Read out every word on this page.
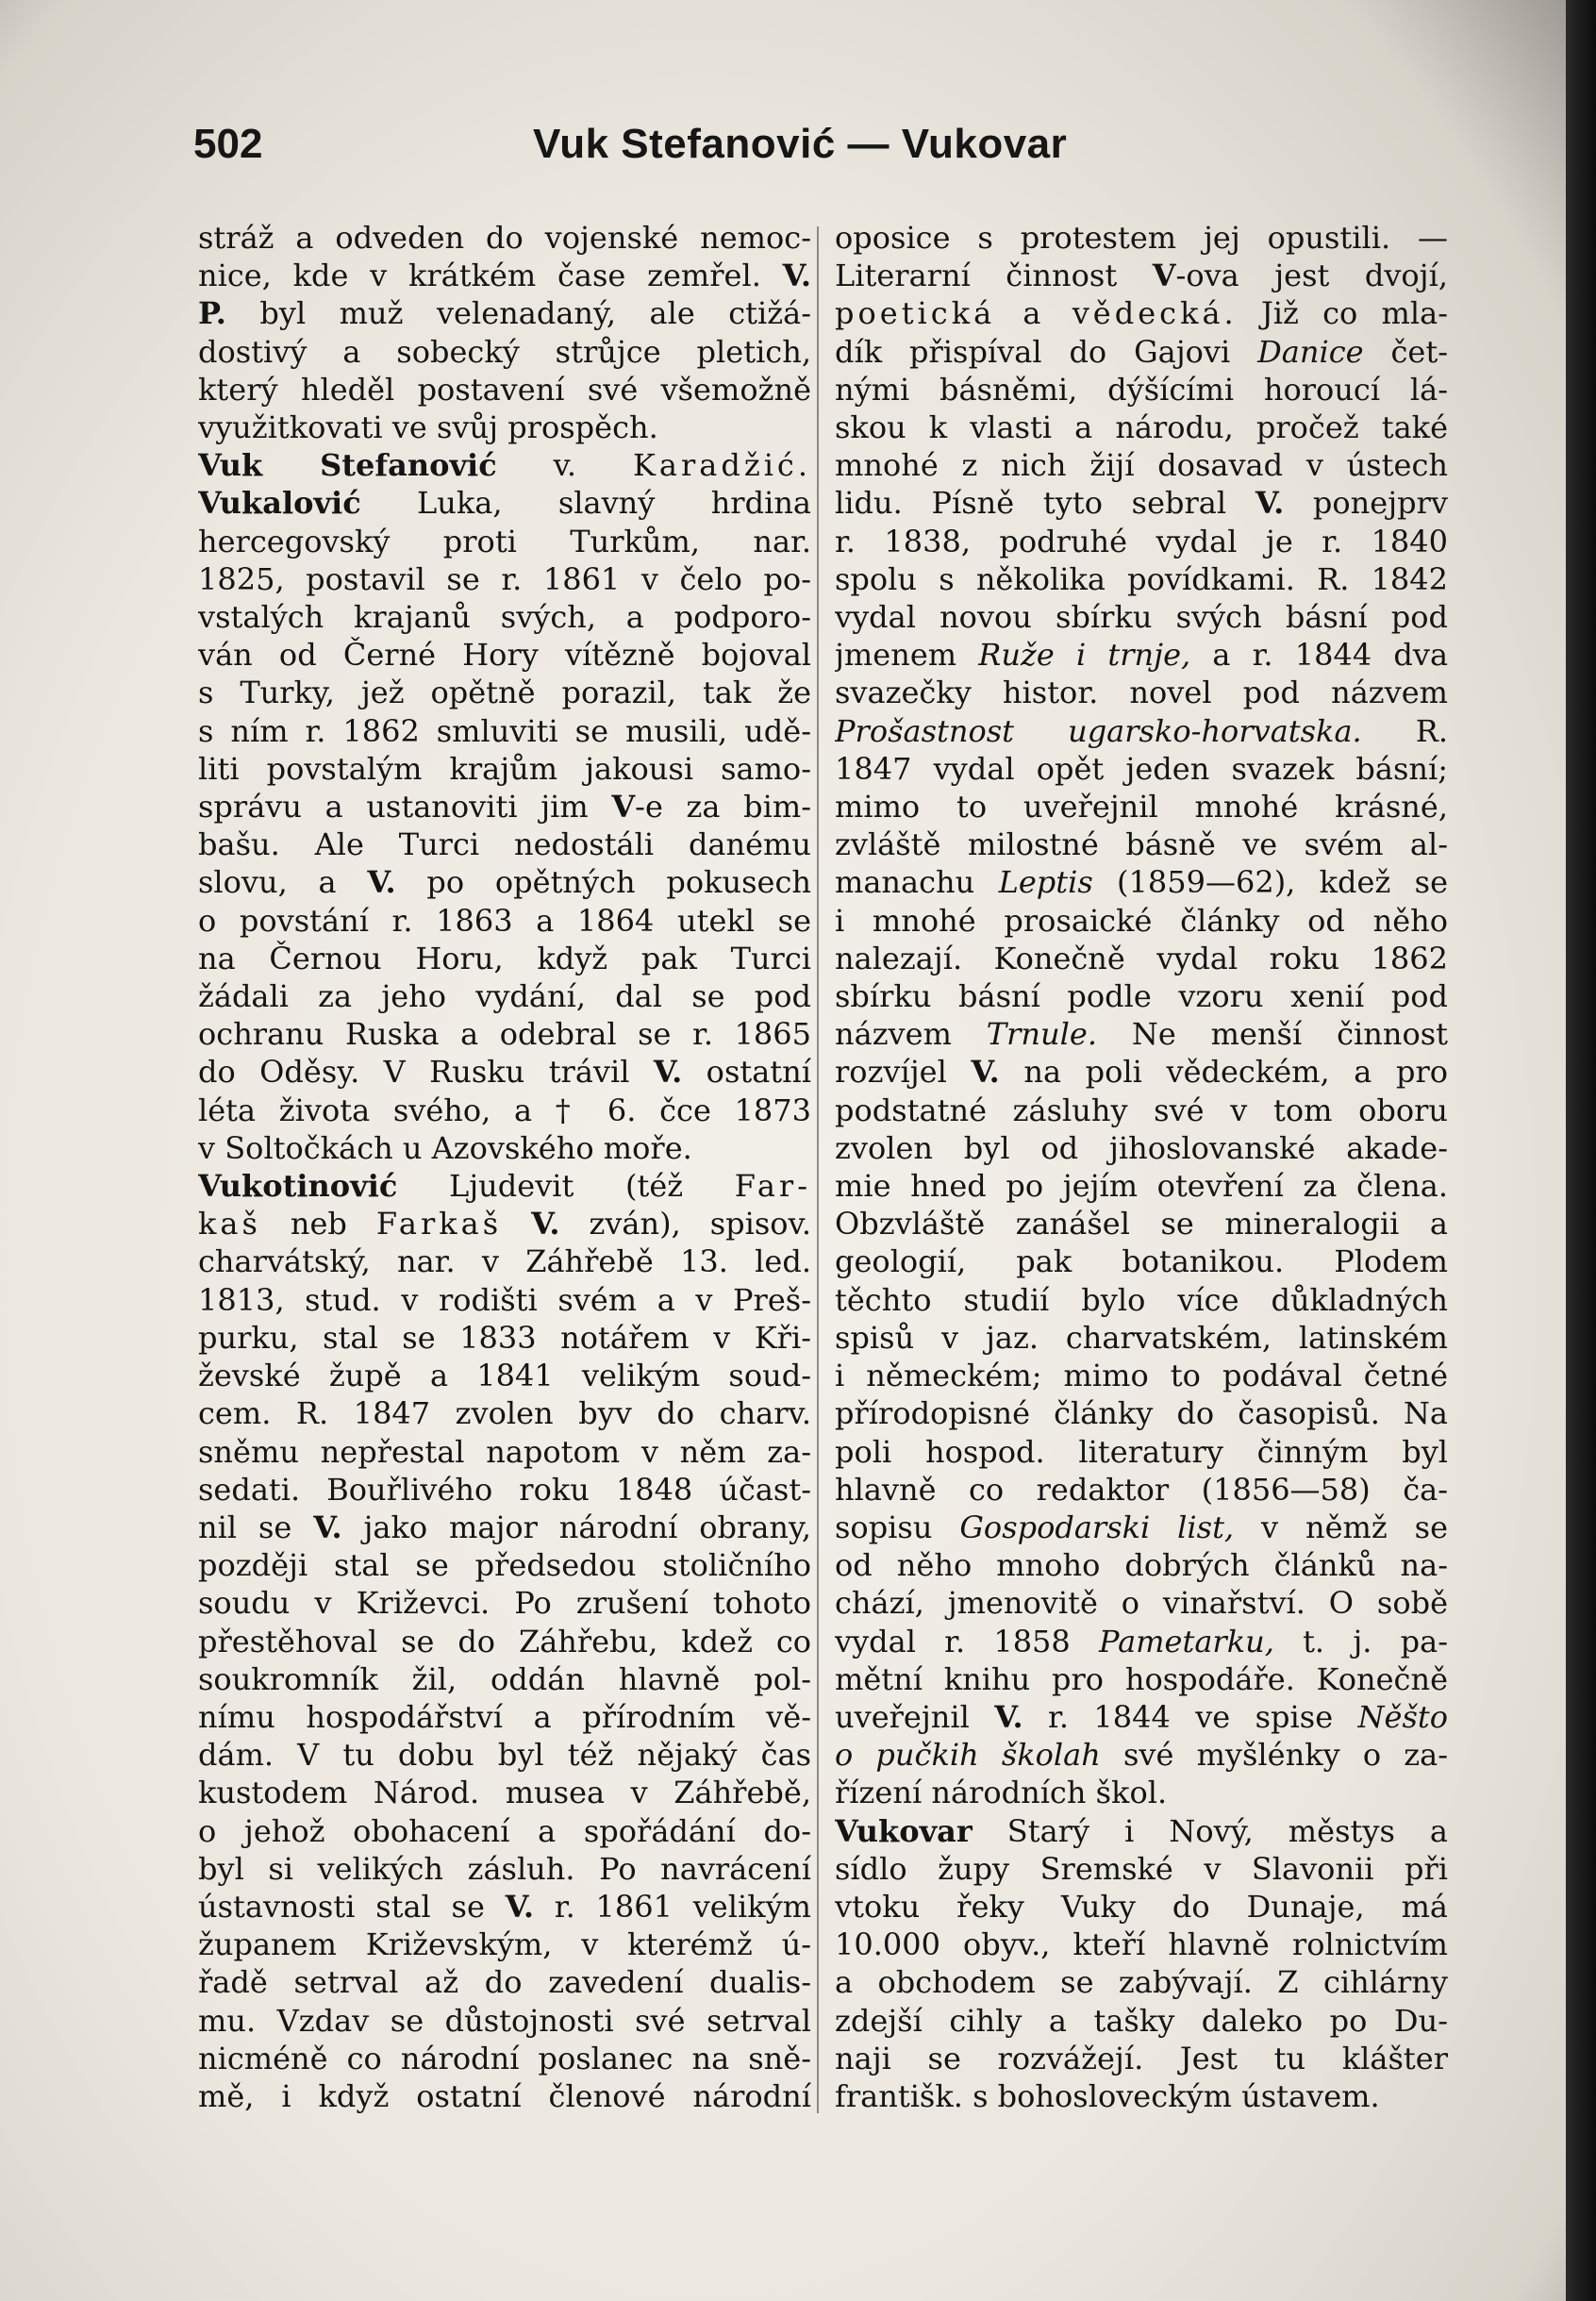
502	Vuk Stefanović — Vukovar
stráž a odveden do vojenské nemoc-
nice, kde v krátkém čase zemřel. V.
P. byl muž velenadaný, ale ctižá-
dostivý a sobecký strůjce pletich,
který hleděl postavení své všemožně
využitkovati ve svůj prospěch.
Vuk Stefanović v. Karadžić.
Vukalović Luka, slavný hrdina
hercegovský proti Turkům, nar.
1825, postavil se r. 1861 v čelo po-
vstalých krajanů svých, a podporo-
ván od Černé Hory vítězně bojoval
s Turky, jež opětně porazil, tak že
s ním r. 1862 smluviti se musili, udě-
liti povstalým krajům jakousi samo-
správu a ustanoviti jim V-e za bim-
bašu. Ale Turci nedostáli danému
slovu, a V. po opětných pokusech
o povstání r. 1863 a 1864 utekl se
na Černou Horu, když pak Turci
žádali za jeho vydání, dal se pod
ochranu Ruska a odebral se r. 1865
do Oděsy. V Rusku trávil V. ostatní
léta života svého, a † 6. čce 1873
v Soltočkách u Azovského moře.
Vukotinović Ljudevit (též Far-
kaš neb Farkaš V. zván), spisov.
charvátský, nar. v Záhřebě 13. led.
1813, stud. v rodišti svém a v Preš-
purku, stal se 1833 notářem v Kři-
ževské župě a 1841 velikým soud-
cem. R. 1847 zvolen byv do charv.
sněmu nepřestal napotom v něm za-
sedati. Bouřlivého roku 1848 účast-
nil se V. jako major národní obrany,
později stal se předsedou stoličního
soudu v Križevci. Po zrušení tohoto
přestěhoval se do Záhřebu, kdež co
soukromník žil, oddán hlavně pol-
nímu hospodářství a přírodním vě-
dám. V tu dobu byl též nějaký čas
kustodem Národ. musea v Záhřebě,
o jehož obohacení a spořádání do-
byl si velikých zásluh. Po navrácení
ústavnosti stal se V. r. 1861 velikým
županem Križevským, v kterémž ú-
řadě setrval až do zavedení dualis-
mu. Vzdav se důstojnosti své setrval
nicméně co národní poslanec na sně-
mě, i když ostatní členové národní
oposice s protestem jej opustili. —
Literarní činnost V-ova jest dvojí,
poetická a vědecká. Již co mla-
dík přispíval do Gajovi Danice čet-
nými básněmi, dýšícími horoucí lá-
skou k vlasti a národu, pročež také
mnohé z nich žijí dosavad v ústech
lidu. Písně tyto sebral V. ponejprv
r. 1838, podruhé vydal je r. 1840
spolu s několika povídkami. R. 1842
vydal novou sbírku svých básní pod
jmenem Ruže i trnje, a r. 1844 dva
svazečky histor. novel pod názvem
Prošastnost ugarsko-horvatska. R.
1847 vydal opět jeden svazek básní;
mimo to uveřejnil mnohé krásné,
zvláště milostné básně ve svém al-
manachu Leptis (1859—62), kdež se
i mnohé prosaické články od něho
nalezají. Konečně vydal roku 1862
sbírku básní podle vzoru xenií pod
názvem Trnule. Ne menší činnost
rozvíjel V. na poli vědeckém, a pro
podstatné zásluhy své v tom oboru
zvolen byl od jihoslovanské akade-
mie hned po jejím otevření za člena.
Obzvláště zanášel se mineralogii a
geologií, pak botanikou. Plodem
těchto studií bylo více důkladných
spisů v jaz. charvatském, latinském
i německém; mimo to podával četné
přírodopisné články do časopisů. Na
poli hospod. literatury činným byl
hlavně co redaktor (1856—58) ča-
sopisu Gospodarski list, v němž se
od něho mnoho dobrých článků na-
chází, jmenovitě o vinařství. O sobě
vydal r. 1858 Pametarku, t. j. pa-
mětní knihu pro hospodáře. Konečně
uveřejnil V. r. 1844 ve spise Něšto
o pučkih školah své myšlénky o za-
řízení národních škol.
Vukovar Starý i Nový, městys a
sídlo župy Sremské v Slavonii při
vtoku řeky Vuky do Dunaje, má
10.000 obyv., kteří hlavně rolnictvím
a obchodem se zabývají. Z cihlárny
zdejší cihly a tašky daleko po Du-
naji se rozvážejí. Jest tu klášter
františk. s bohosloveckým ústavem.
